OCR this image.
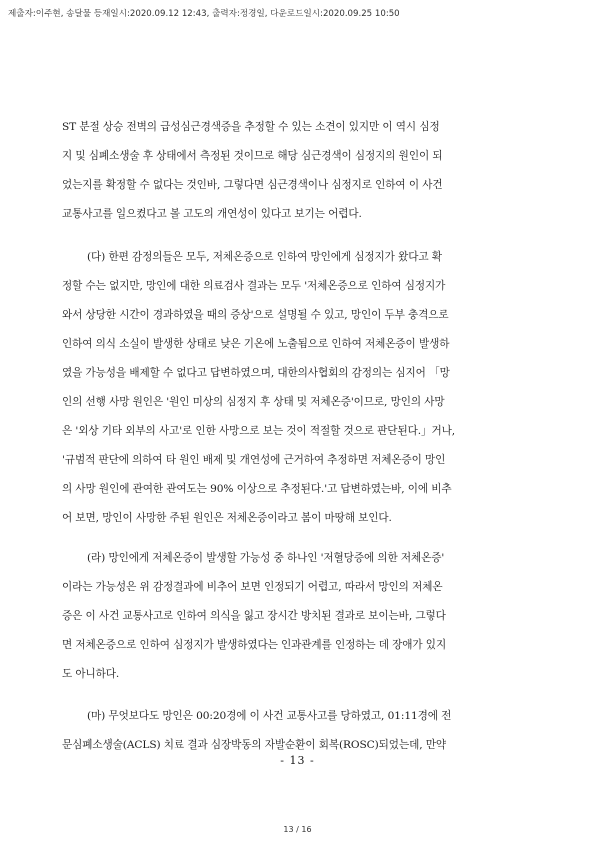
제출자:이주현, 송달물 등재일시:2020.09.12 12:43, 출력자:정경일, 다운로드일시:2020.09.25 10:50
ST 분절 상승 전벽의 급성심근경색증을 추정할 수 있는 소견이 있지만 이 역시 심정
지 및 심폐소생술 후 상태에서 측정된 것이므로 해당 심근경색이 심정지의 원인이 되
었는지를 확정할 수 없다는 것인바, 그렇다면 심근경색이나 심정지로 인하여 이 사건
교통사고를 일으켰다고 볼 고도의 개연성이 있다고 보기는 어렵다.
(다) 한편 감정의들은 모두, 저체온증으로 인하여 망인에게 심정지가 왔다고 확
정할 수는 없지만, 망인에 대한 의료검사 결과는 모두 '저체온증으로 인하여 심정지가
와서 상당한 시간이 경과하였을 때의 증상'으로 설명될 수 있고, 망인이 두부 충격으로
인하여 의식 소실이 발생한 상태로 낮은 기온에 노출됨으로 인하여 저체온증이 발생하
였을 가능성을 배제할 수 없다고 답변하였으며, 대한의사협회의 감정의는 심지어 「망
인의 선행 사망 원인은 '원인 미상의 심정지 후 상태 및 저체온증'이므로, 망인의 사망
은 '외상 기타 외부의 사고'로 인한 사망으로 보는 것이 적절할 것으로 판단된다.」거나,
'규범적 판단에 의하여 타 원인 배제 및 개연성에 근거하여 추정하면 저체온증이 망인
의 사망 원인에 관여한 관여도는 90% 이상으로 추정된다.'고 답변하였는바, 이에 비추
어 보면, 망인이 사망한 주된 원인은 저체온증이라고 봄이 마땅해 보인다.
(라) 망인에게 저체온증이 발생할 가능성 중 하나인 '저혈당증에 의한 저체온증'
이라는 가능성은 위 감정결과에 비추어 보면 인정되기 어렵고, 따라서 망인의 저체온
증은 이 사건 교통사고로 인하여 의식을 잃고 장시간 방치된 결과로 보이는바, 그렇다
면 저체온증으로 인하여 심정지가 발생하였다는 인과관계를 인정하는 데 장애가 있지
도 아니하다.
(마) 무엇보다도 망인은 00:20경에 이 사건 교통사고를 당하였고, 01:11경에 전
문심폐소생술(ACLS) 치료 결과 심장박동의 자발순환이 회복(ROSC)되었는데, 만약
- 13 -
13 / 16
